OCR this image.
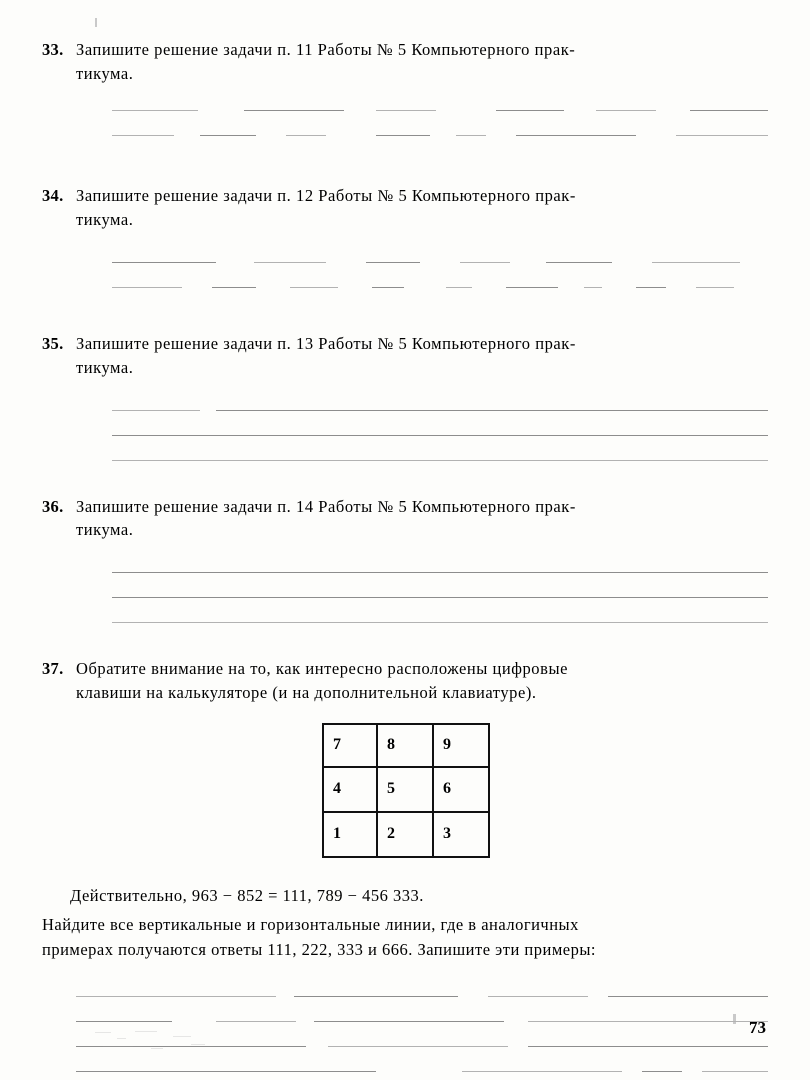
33. Запишите решение задачи п. 11 Работы № 5 Компьютерного прак-
тикума.
34. Запишите решение задачи п. 12 Работы № 5 Компьютерного прак-
тикума.
35. Запишите решение задачи п. 13 Работы № 5 Компьютерного прак-
тикума.
36. Запишите решение задачи п. 14 Работы № 5 Компьютерного прак-
тикума.
37. Обратите внимание на то, как интересно расположены цифровые
клавиши на калькуляторе (и на дополнительной клавиатуре).
7	8	9
4	5	6
1	2	3
Действительно, 963 − 852 = 111, 789 − 456 333.
Найдите все вертикальные и горизонтальные линии, где в аналогичных
примерах получаются ответы 111, 222, 333 и 666. Запишите эти примеры:
73
